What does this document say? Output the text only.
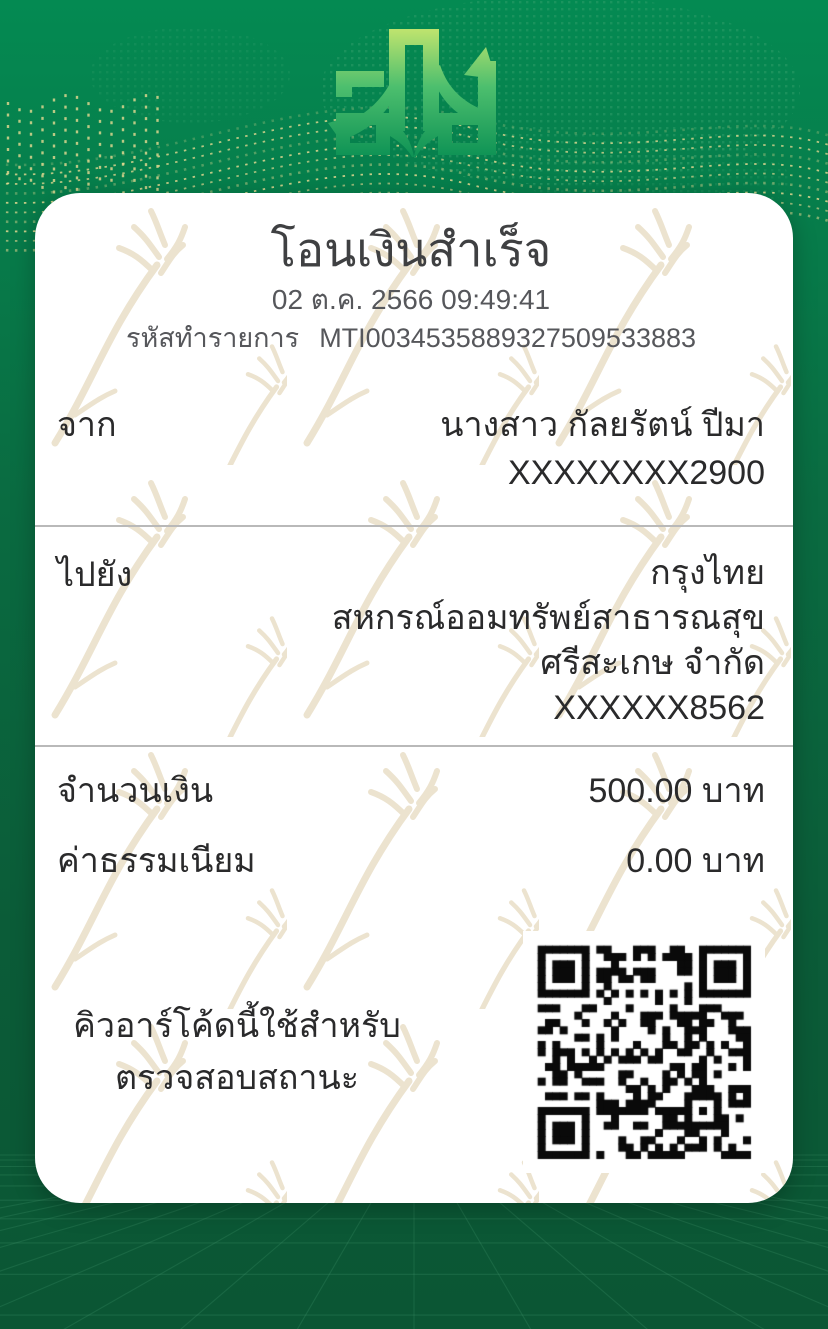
โอนเงินสำเร็จ
02 ต.ค. 2566 09:49:41
รหัสทำรายการ MTI0034535889327509533883
จาก	นางสาว กัลยรัตน์ ปีมา
XXXXXXXX2900
ไปยัง	กรุงไทย
สหกรณ์ออมทรัพย์สาธารณสุข
ศรีสะเกษ จำกัด
XXXXXX8562
จำนวนเงิน	500.00 บาท
ค่าธรรมเนียม	0.00 บาท
คิวอาร์โค้ดนี้ใช้สำหรับ
ตรวจสอบสถานะ
